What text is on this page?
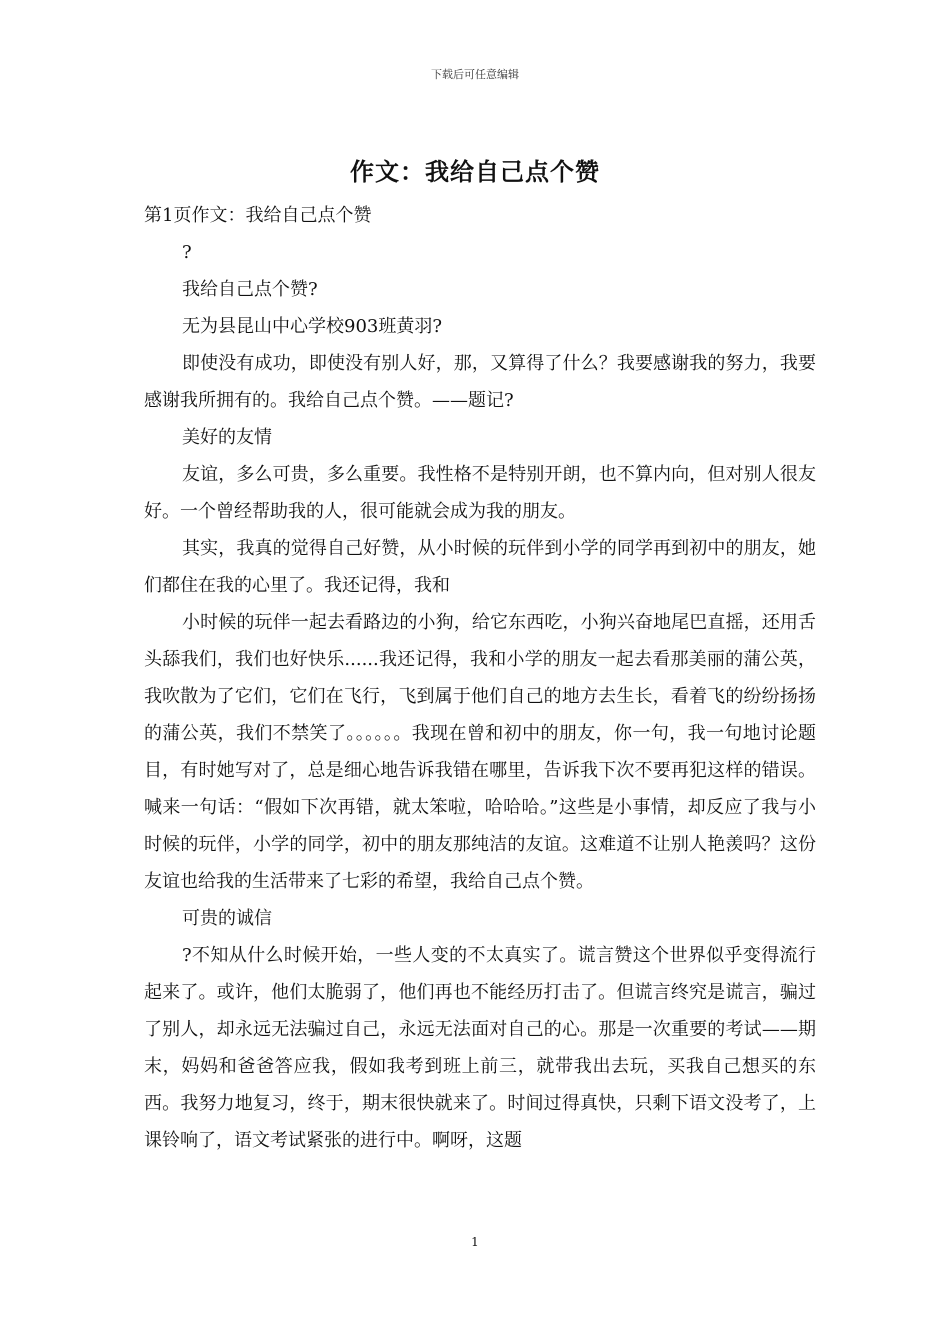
下载后可任意编辑
作文：我给自己点个赞

第1页作文：我给自己点个赞

?

我给自己点个赞?

无为县昆山中心学校903班黄羽?

即使没有成功，即使没有别人好，那，又算得了什么？我要感谢我的努力，我要感谢我所拥有的。我给自己点个赞。——题记?

美好的友情

友谊，多么可贵，多么重要。我性格不是特别开朗，也不算内向，但对别人很友好。一个曾经帮助我的人，很可能就会成为我的朋友。

其实，我真的觉得自己好赞，从小时候的玩伴到小学的同学再到初中的朋友，她们都住在我的心里了。我还记得，我和

小时候的玩伴一起去看路边的小狗，给它东西吃，小狗兴奋地尾巴直摇，还用舌头舔我们，我们也好快乐......我还记得，我和小学的朋友一起去看那美丽的蒲公英，我吹散为了它们，它们在飞行，飞到属于他们自己的地方去生长，看着飞的纷纷扬扬的蒲公英，我们不禁笑了。。。。。。我现在曾和初中的朋友，你一句，我一句地讨论题目，有时她写对了，总是细心地告诉我错在哪里，告诉我下次不要再犯这样的错误。喊来一句话：“假如下次再错，就太笨啦，哈哈哈。”这些是小事情，却反应了我与小时候的玩伴，小学的同学，初中的朋友那纯洁的友谊。这难道不让别人艳羡吗？这份友谊也给我的生活带来了七彩的希望，我给自己点个赞。

可贵的诚信

?不知从什么时候开始，一些人变的不太真实了。谎言赞这个世界似乎变得流行起来了。或许，他们太脆弱了，他们再也不能经历打击了。但谎言终究是谎言，骗过了别人，却永远无法骗过自己，永远无法面对自己的心。那是一次重要的考试——期末，妈妈和爸爸答应我，假如我考到班上前三，就带我出去玩，买我自己想买的东西。我努力地复习，终于，期末很快就来了。时间过得真快，只剩下语文没考了，上课铃响了，语文考试紧张的进行中。啊呀，这题

1
